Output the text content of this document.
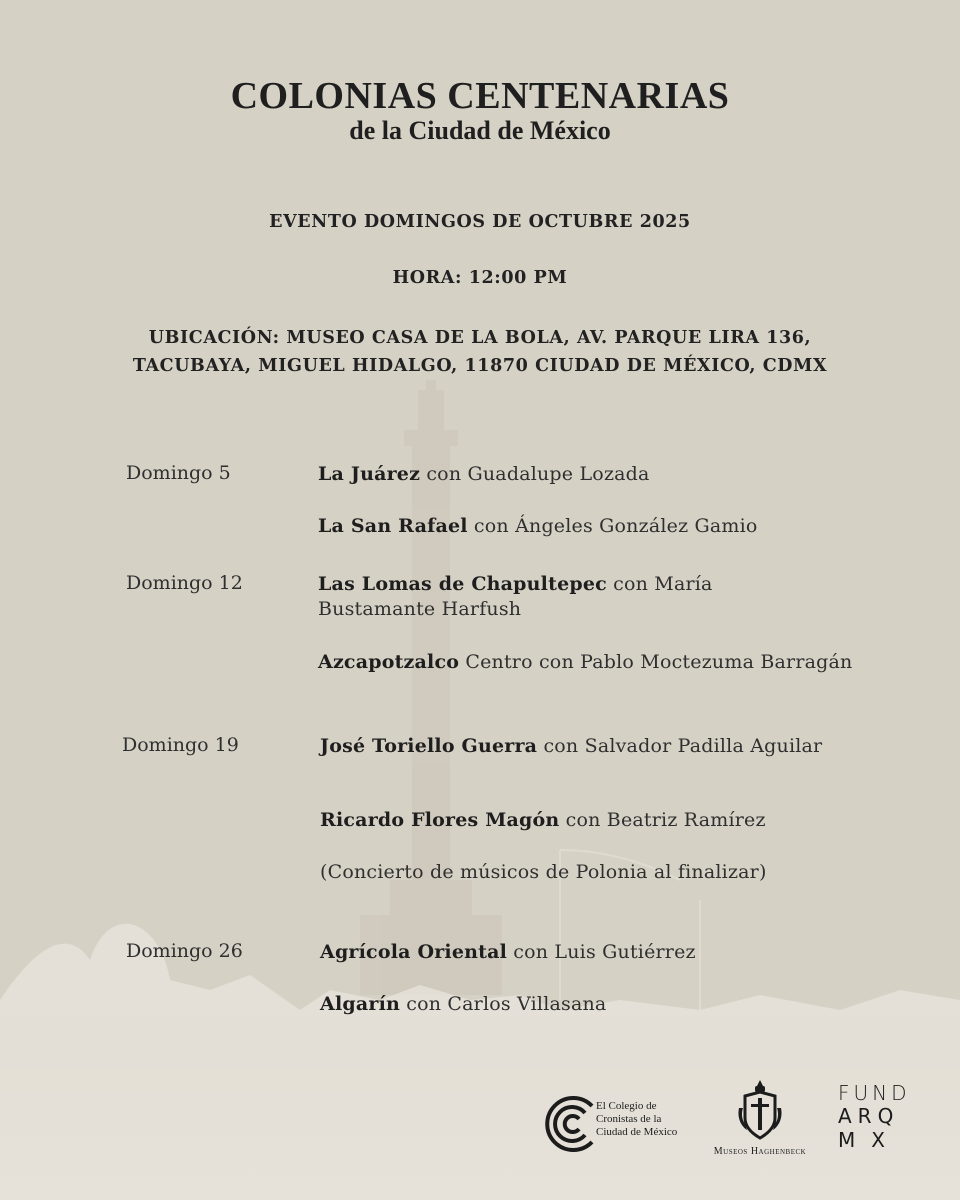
COLONIAS CENTENARIAS
de la Ciudad de México
EVENTO DOMINGOS DE OCTUBRE 2025
HORA: 12:00 PM
UBICACIÓN: MUSEO CASA DE LA BOLA, AV. PARQUE LIRA 136, TACUBAYA, MIGUEL HIDALGO, 11870 CIUDAD DE MÉXICO, CDMX
Domingo 5
Domingo 12
Domingo 19
Domingo 26
La Juárez con Guadalupe Lozada
La San Rafael con Ángeles González Gamio
Las Lomas de Chapultepec con María Bustamante Harfush
Azcapotzalco Centro con Pablo Moctezuma Barragán
José Toriello Guerra con Salvador Padilla Aguilar
Ricardo Flores Magón con Beatriz Ramírez
(Concierto de músicos de Polonia al finalizar)
Agrícola Oriental con Luis Gutiérrez
Algarín con Carlos Villasana
El Colegio de
Cronistas de la
Ciudad de México
Museos Haghenbeck
FUND
ARQ
MX
